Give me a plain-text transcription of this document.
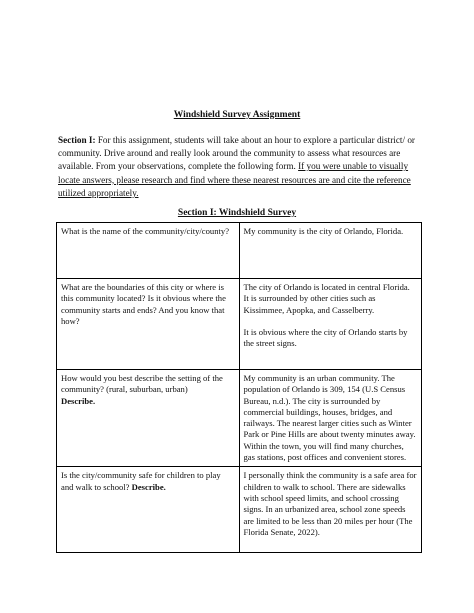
Windshield Survey Assignment
Section I: For this assignment, students will take about an hour to explore a particular district/ or community. Drive around and really look around the community to assess what resources are available. From your observations, complete the following form. If you were unable to visually locate answers, please research and find where these nearest resources are and cite the reference utilized appropriately.
Section I: Windshield Survey
What is the name of the community/city/county?	My community is the city of Orlando, Florida.

What are the boundaries of this city or where is this community located? Is it obvious where the community starts and ends? And you know that how?	The city of Orlando is located in central Florida. It is surrounded by other cities such as Kissimmee, Apopka, and Casselberry.

It is obvious where the city of Orlando starts by the street signs.

How would you best describe the setting of the community? (rural, suburban, urban)
Describe.	My community is an urban community. The population of Orlando is 309, 154 (U.S Census Bureau, n.d.). The city is surrounded by commercial buildings, houses, bridges, and railways. The nearest larger cities such as Winter Park or Pine Hills are about twenty minutes away. Within the town, you will find many churches, gas stations, post offices and convenient stores.

Is the city/community safe for children to play and walk to school? Describe.	I personally think the community is a safe area for children to walk to school. There are sidewalks with school speed limits, and school crossing signs. In an urbanized area, school zone speeds are limited to be less than 20 miles per hour (The Florida Senate, 2022).
